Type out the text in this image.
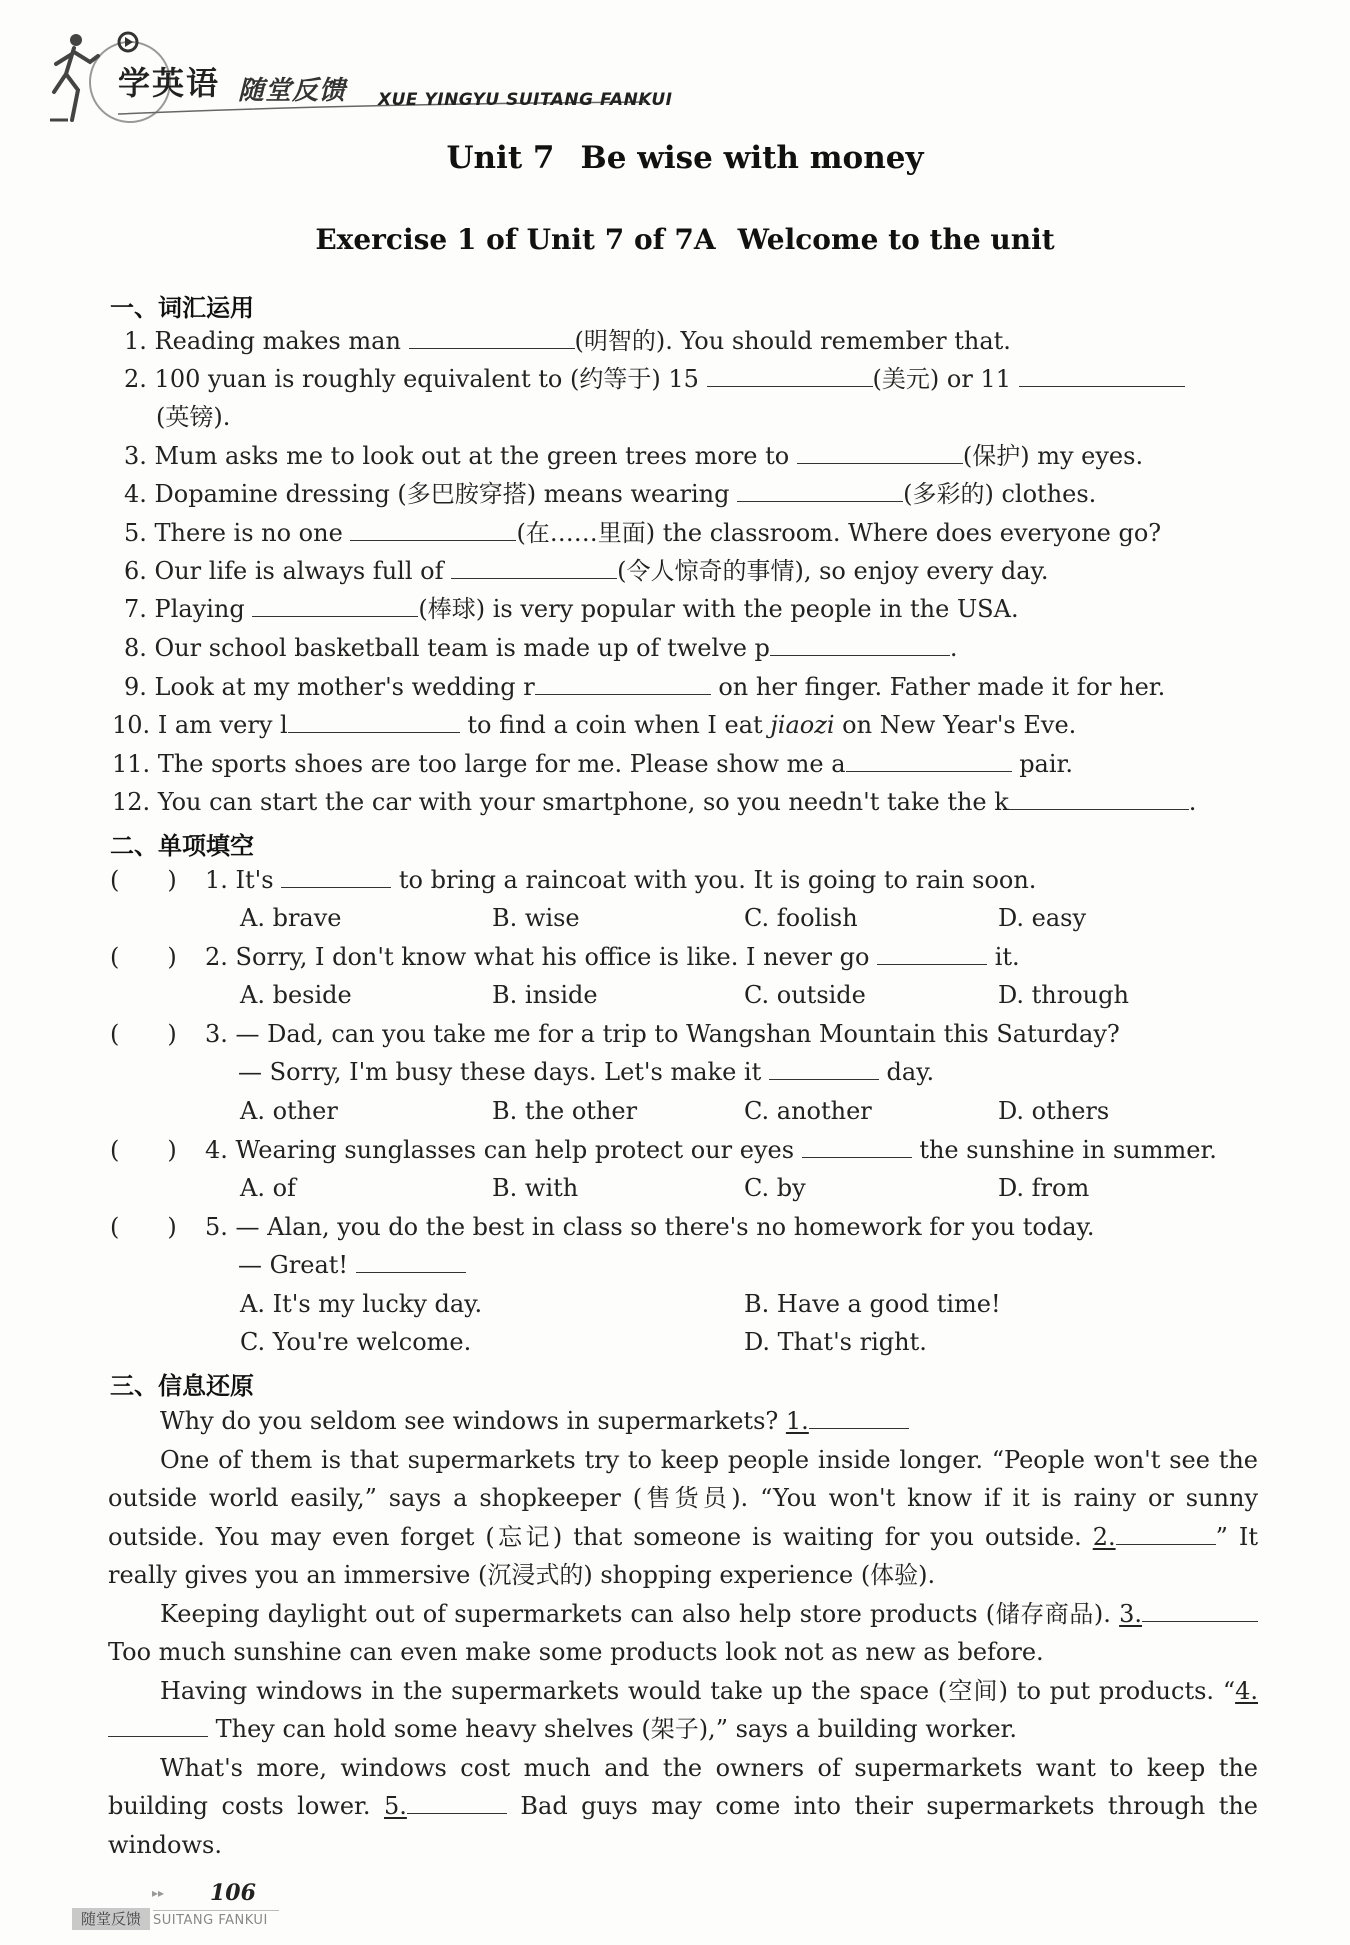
学英语 随堂反馈 XUE YINGYU SUITANG FANKUI
Unit 7 Be wise with money
Exercise 1 of Unit 7 of 7A Welcome to the unit
一、词汇运用
1. Reading makes man	(明智的). You should remember that.
2. 100 yuan is roughly equivalent to (约等于) 15	(美元) or 11
(英镑).
3. Mum asks me to look out at the green trees more to	(保护) my eyes.
4. Dopamine dressing (多巴胺穿搭) means wearing	(多彩的) clothes.
5. There is no one	(在……里面) the classroom. Where does everyone go?
6. Our life is always full of	(令人惊奇的事情), so enjoy every day.
7. Playing	(棒球) is very popular with the people in the USA.
8. Our school basketball team is made up of twelve p	.
9. Look at my mother's wedding r	on her finger. Father made it for her.
10. I am very l	to find a coin when I eat jiaozi on New Year's Eve.
11. The sports shoes are too large for me. Please show me a	pair.
12. You can start the car with your smartphone, so you needn't take the k	.
二、单项填空
(　　) 1. It's	to bring a raincoat with you. It is going to rain soon.
A. brave	B. wise	C. foolish	D. easy
(　　) 2. Sorry, I don't know what his office is like. I never go	it.
A. beside	B. inside	C. outside	D. through
(　　) 3. — Dad, can you take me for a trip to Wangshan Mountain this Saturday?
— Sorry, I'm busy these days. Let's make it	day.
A. other	B. the other	C. another	D. others
(　　) 4. Wearing sunglasses can help protect our eyes	the sunshine in summer.
A. of	B. with	C. by	D. from
(　　) 5. — Alan, you do the best in class so there's no homework for you today.
— Great!
A. It's my lucky day.	B. Have a good time!
C. You're welcome.	D. That's right.
三、信息还原
Why do you seldom see windows in supermarkets? 1.
One of them is that supermarkets try to keep people inside longer. “People won't see the outside world easily,” says a shopkeeper (售货员). “You won't know if it is rainy or sunny outside. You may even forget (忘记) that someone is waiting for you outside. 2.	” It really gives you an immersive (沉浸式的) shopping experience (体验).
Keeping daylight out of supermarkets can also help store products (储存商品). 3. Too much sunshine can even make some products look not as new as before.
Having windows in the supermarkets would take up the space (空间) to put products. “4. They can hold some heavy shelves (架子),” says a building worker.
What's more, windows cost much and the owners of supermarkets want to keep the building costs lower. 5.	Bad guys may come into their supermarkets through the windows.
▸▸ 106
随堂反馈 SUITANG FANKUI
